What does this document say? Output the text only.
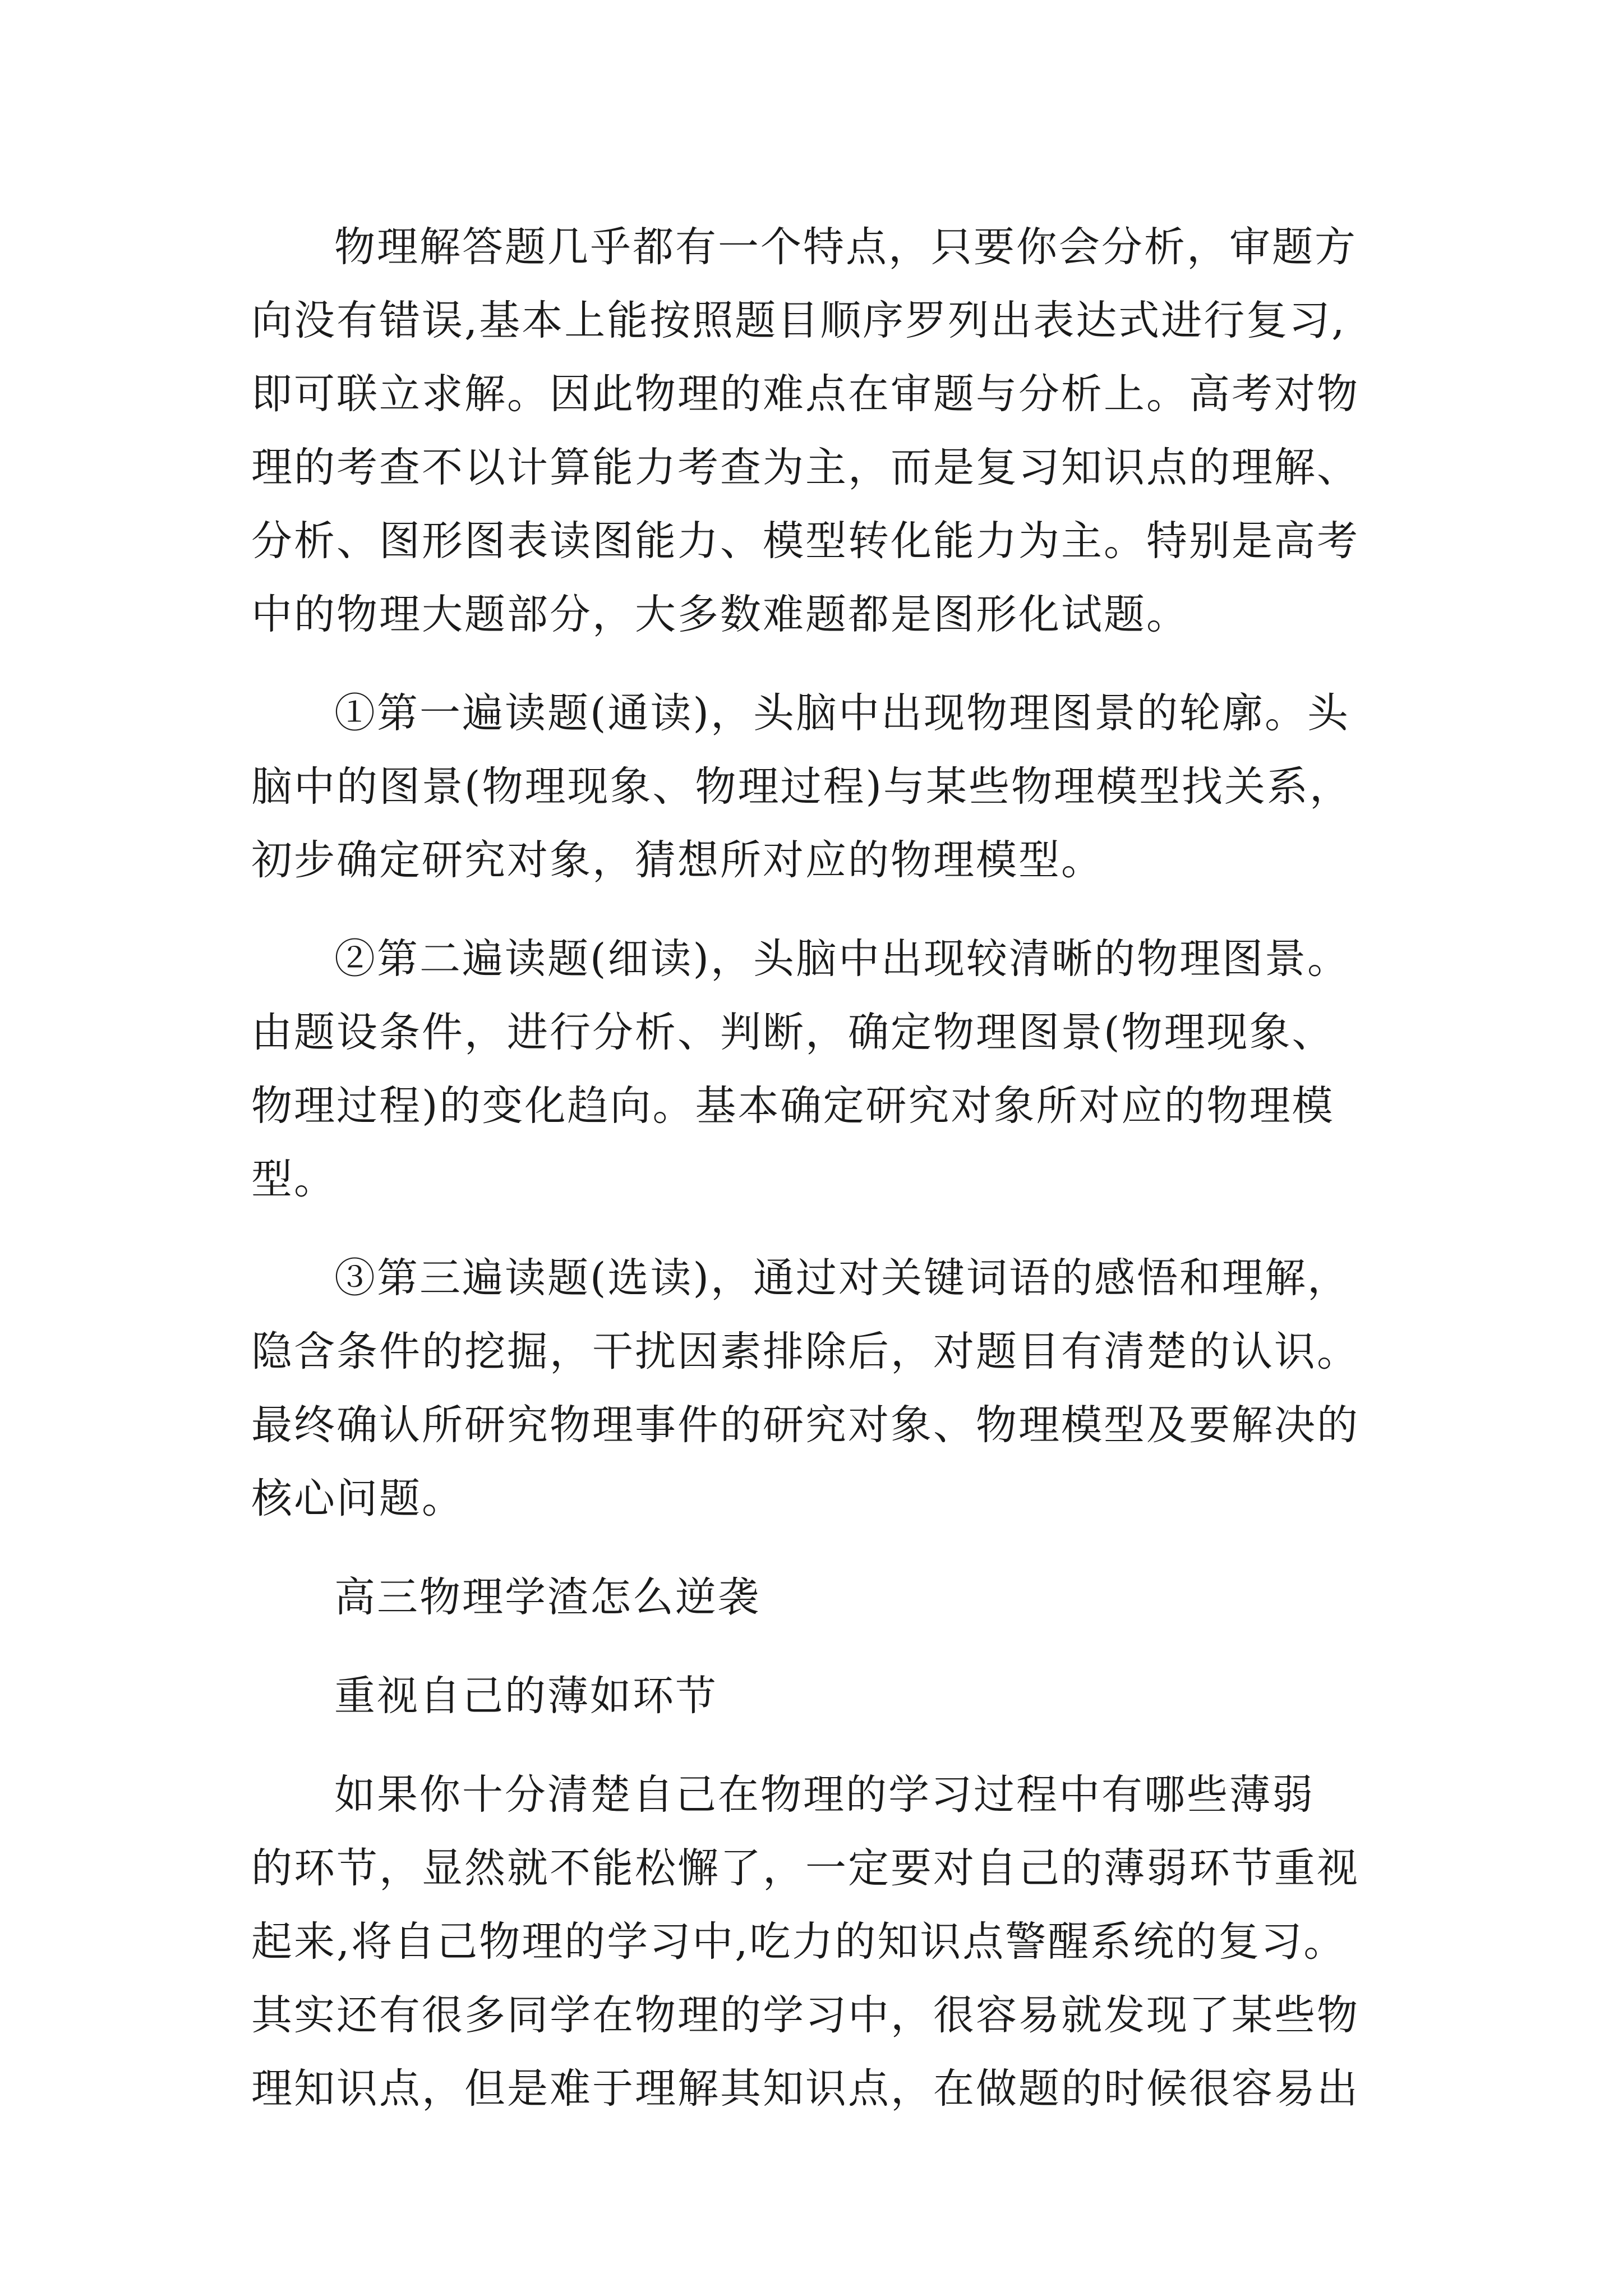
物理解答题几乎都有一个特点，只要你会分析，审题方
向没有错误,基本上能按照题目顺序罗列出表达式进行复习,
即可联立求解。因此物理的难点在审题与分析上。高考对物
理的考查不以计算能力考查为主，而是复习知识点的理解、
分析、图形图表读图能力、模型转化能力为主。特别是高考
中的物理大题部分，大多数难题都是图形化试题。
①第一遍读题(通读)，头脑中出现物理图景的轮廓。头
脑中的图景(物理现象、物理过程)与某些物理模型找关系，
初步确定研究对象，猜想所对应的物理模型。
②第二遍读题(细读)，头脑中出现较清晰的物理图景。
由题设条件，进行分析、判断，确定物理图景(物理现象、
物理过程)的变化趋向。基本确定研究对象所对应的物理模
型。
③第三遍读题(选读)，通过对关键词语的感悟和理解，
隐含条件的挖掘，干扰因素排除后，对题目有清楚的认识。
最终确认所研究物理事件的研究对象、物理模型及要解决的
核心问题。
高三物理学渣怎么逆袭
重视自己的薄如环节
如果你十分清楚自己在物理的学习过程中有哪些薄弱
的环节，显然就不能松懈了，一定要对自己的薄弱环节重视
起来,将自己物理的学习中,吃力的知识点警醒系统的复习。
其实还有很多同学在物理的学习中，很容易就发现了某些物
理知识点，但是难于理解其知识点，在做题的时候很容易出
